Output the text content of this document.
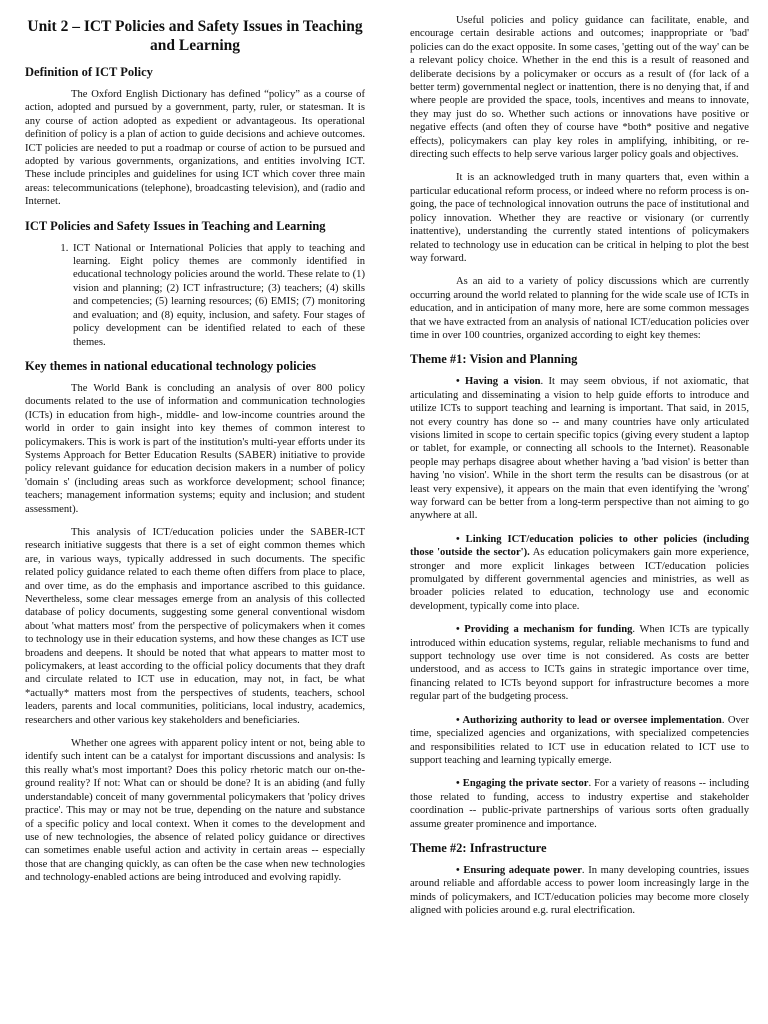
Unit 2 – ICT Policies and Safety Issues in Teaching and Learning
Definition of ICT Policy

The Oxford English Dictionary has defined “policy” as a course of action, adopted and pursued by a government, party, ruler, or statesman. It is any course of action adopted as expedient or advantageous. Its operational definition of policy is a plan of action to guide decisions and achieve outcomes. ICT policies are needed to put a roadmap or course of action to be pursued and adopted by various governments, organizations, and entities involving ICT. These include principles and guidelines for using ICT which cover three main areas: telecommunications (telephone), broadcasting television), and (radio and Internet.

ICT Policies and Safety Issues in Teaching and Learning
1. ICT National or International Policies that apply to teaching and learning. Eight policy themes are commonly identified in educational technology policies around the world. These relate to (1) vision and planning; (2) ICT infrastructure; (3) teachers; (4) skills and competencies; (5) learning resources; (6) EMIS; (7) monitoring and evaluation; and (8) equity, inclusion, and safety. Four stages of policy development can be identified related to each of these themes.
Key themes in national educational technology policies

The World Bank is concluding an analysis of over 800 policy documents related to the use of information and communication technologies (ICTs) in education from high-, middle- and low-income countries around the world in order to gain insight into key themes of common interest to policymakers. This is work is part of the institution's multi-year efforts under its Systems Approach for Better Education Results (SABER) initiative to provide policy relevant guidance for education decision makers in a number of policy 'domain s' (including areas such as workforce development; school finance; teachers; management information systems; equity and inclusion; and student assessment).

This analysis of ICT/education policies under the SABER-ICT research initiative suggests that there is a set of eight common themes which are, in various ways, typically addressed in such documents. The specific related policy guidance related to each theme often differs from place to place, and over time, as do the emphasis and importance ascribed to this guidance. Nevertheless, some clear messages emerge from an analysis of this collected database of policy documents, suggesting some general conventional wisdom about 'what matters most' from the perspective of policymakers when it comes to technology use in their education systems, and how these changes as ICT use broadens and deepens. It should be noted that what appears to matter most to policymakers, at least according to the official policy documents that they draft and circulate related to ICT use in education, may not, in fact, be what *actually* matters most from the perspectives of students, teachers, school leaders, parents and local communities, politicians, local industry, academics, researchers and other various key stakeholders and beneficiaries.

Whether one agrees with apparent policy intent or not, being able to identify such intent can be a catalyst for important discussions and analysis: Is this really what's most important? Does this policy rhetoric match our on-the-ground reality? If not: What can or should be done? It is an abiding (and fully understandable) conceit of many governmental policymakers that 'policy drives practice'. This may or may not be true, depending on the nature and substance of a specific policy and local context. When it comes to the development and use of new technologies, the absence of related policy guidance or directives can sometimes enable useful action and activity in certain areas -- especially those that are changing quickly, as can often be the case when new technologies and technology-enabled actions are being introduced and evolving rapidly.

Useful policies and policy guidance can facilitate, enable, and encourage certain desirable actions and outcomes; inappropriate or 'bad' policies can do the exact opposite. In some cases, 'getting out of the way' can be a relevant policy choice. Whether in the end this is a result of reasoned and deliberate decisions by a policymaker or occurs as a result of (for lack of a better term) governmental neglect or inattention, there is no denying that, if and where people are provided the space, tools, incentives and means to innovate, they may just do so. Whether such actions or innovations have positive or negative effects (and often they of course have *both* positive and negative effects), policymakers can play key roles in amplifying, inhibiting, or re-directing such effects to help serve various larger policy goals and objectives.

It is an acknowledged truth in many quarters that, even within a particular educational reform process, or indeed where no reform process is on-going, the pace of technological innovation outruns the pace of institutional and policy innovation. Whether they are reactive or visionary (or currently inattentive), understanding the currently stated intentions of policymakers related to technology use in education can be critical in helping to plot the best way forward.

As an aid to a variety of policy discussions which are currently occurring around the world related to planning for the wide scale use of ICTs in education, and in anticipation of many more, here are some common messages that we have extracted from an analysis of national ICT/education policies over time in over 100 countries, organized according to eight key themes:

Theme #1: Vision and Planning

• Having a vision. It may seem obvious, if not axiomatic, that articulating and disseminating a vision to help guide efforts to introduce and utilize ICTs to support teaching and learning is important. That said, in 2015, not every country has done so -- and many countries have only articulated visions limited in scope to certain specific topics (giving every student a laptop or tablet, for example, or connecting all schools to the Internet). Reasonable people may perhaps disagree about whether having a 'bad vision' is better than having 'no vision'. While in the short term the results can be disastrous (or at least very expensive), it appears on the main that even identifying the 'wrong' way forward can be better from a long-term perspective than not aiming to go anywhere at all.

• Linking ICT/education policies to other policies (including those 'outside the sector'). As education policymakers gain more experience, stronger and more explicit linkages between ICT/education policies promulgated by different governmental agencies and ministries, as well as broader policies related to education, technology use and economic development, typically come into place.

• Providing a mechanism for funding. When ICTs are typically introduced within education systems, regular, reliable mechanisms to fund and support technology use over time is not considered. As costs are better understood, and as access to ICTs gains in strategic importance over time, financing related to ICTs beyond support for infrastructure becomes a more regular part of the budgeting process.

• Authorizing authority to lead or oversee implementation. Over time, specialized agencies and organizations, with specialized competencies and responsibilities related to ICT use in education related to ICT use to support teaching and learning typically emerge.

• Engaging the private sector. For a variety of reasons -- including those related to funding, access to industry expertise and stakeholder coordination -- public-private partnerships of various sorts often gradually assume greater prominence and importance.

Theme #2: Infrastructure

• Ensuring adequate power. In many developing countries, issues around reliable and affordable access to power loom increasingly large in the minds of policymakers, and ICT/education policies may become more closely aligned with policies around e.g. rural electrification.
